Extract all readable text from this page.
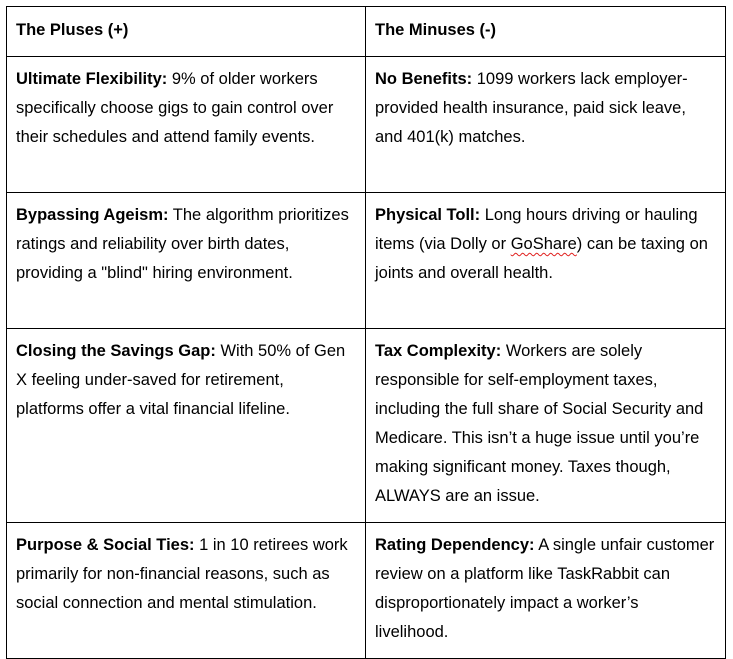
The Pluses (+)	The Minuses (-)
Ultimate Flexibility: 9% of older workers specifically choose gigs to gain control over their schedules and attend family events.	No Benefits: 1099 workers lack employer-provided health insurance, paid sick leave, and 401(k) matches.
Bypassing Ageism: The algorithm prioritizes ratings and reliability over birth dates, providing a "blind" hiring environment.	Physical Toll: Long hours driving or hauling items (via Dolly or GoShare) can be taxing on joints and overall health.
Closing the Savings Gap: With 50% of Gen X feeling under-saved for retirement, platforms offer a vital financial lifeline.	Tax Complexity: Workers are solely responsible for self-employment taxes, including the full share of Social Security and Medicare. This isn’t a huge issue until you’re making significant money. Taxes though, ALWAYS are an issue.
Purpose & Social Ties: 1 in 10 retirees work primarily for non-financial reasons, such as social connection and mental stimulation.	Rating Dependency: A single unfair customer review on a platform like TaskRabbit can disproportionately impact a worker’s livelihood.
